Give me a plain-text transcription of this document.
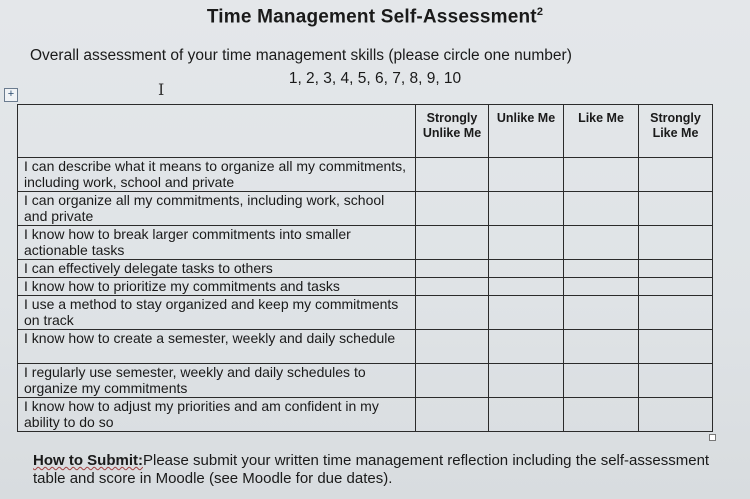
Time Management Self-Assessment$^2$
Overall assessment of your time management skills (please circle one number)
1, 2, 3, 4, 5, 6, 7, 8, 9, 10
+	I
	Strongly Unlike Me	Unlike Me	Like Me	Strongly Like Me
I can describe what it means to organize all my commitments, including work, school and private				
I can organize all my commitments, including work, school and private				
I know how to break larger commitments into smaller actionable tasks				
I can effectively delegate tasks to others				
I know how to prioritize my commitments and tasks				
I use a method to stay organized and keep my commitments on track				
I know how to create a semester, weekly and daily schedule				
I regularly use semester, weekly and daily schedules to organize my commitments				
I know how to adjust my priorities and am confident in my ability to do so				
How to Submit:Please submit your written time management reflection including the self-assessment table and score in Moodle (see Moodle for due dates).
